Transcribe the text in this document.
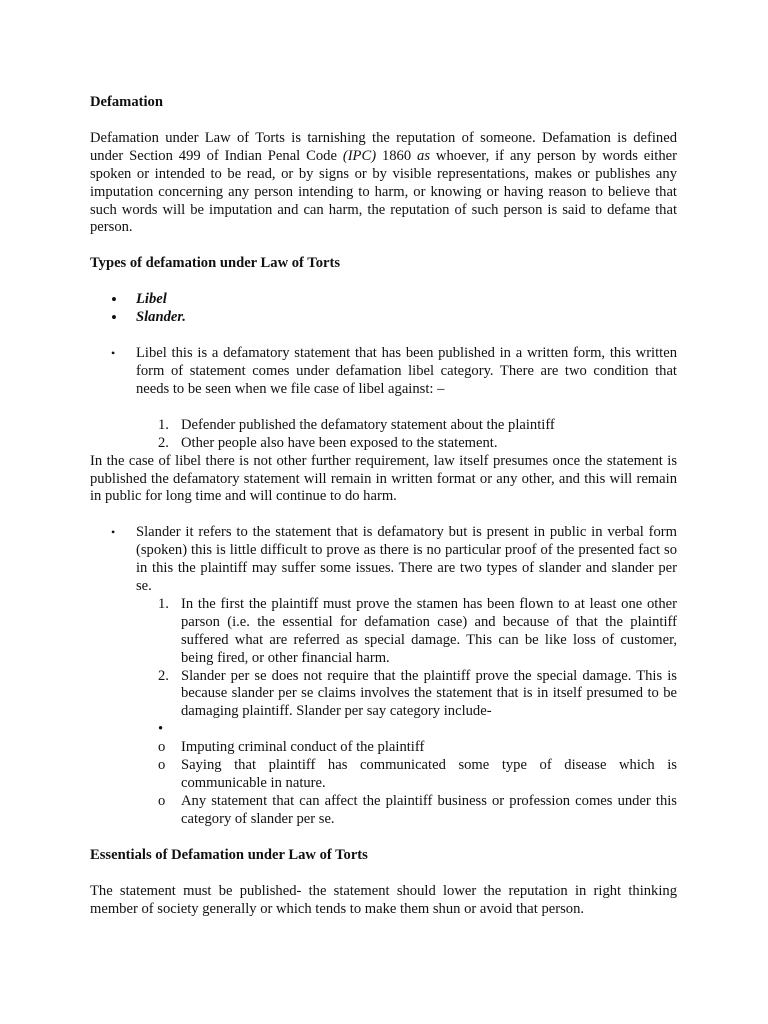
Defamation

Defamation under Law of Torts is tarnishing the reputation of someone. Defamation is defined under Section 499 of Indian Penal Code (IPC) 1860 as whoever, if any person by words either spoken or intended to be read, or by signs or by visible representations, makes or publishes any imputation concerning any person intending to harm, or knowing or having reason to believe that such words will be imputation and can harm, the reputation of such person is said to defame that person.

Types of defamation under Law of Torts
• Libel
• Slander.
• Libel this is a defamatory statement that has been published in a written form, this written form of statement comes under defamation libel category. There are two condition that needs to be seen when we file case of libel against: –
1. Defender published the defamatory statement about the plaintiff
2. Other people also have been exposed to the statement.

In the case of libel there is not other further requirement, law itself presumes once the statement is published the defamatory statement will remain in written format or any other, and this will remain in public for long time and will continue to do harm.

• Slander it refers to the statement that is defamatory but is present in public in verbal form (spoken) this is little difficult to prove as there is no particular proof of the presented fact so in this the plaintiff may suffer some issues. There are two types of slander and slander per se.
1. In the first the plaintiff must prove the stamen has been flown to at least one other parson (i.e. the essential for defamation case) and because of that the plaintiff suffered what are referred as special damage. This can be like loss of customer, being fired, or other financial harm.
2. Slander per se does not require that the plaintiff prove the special damage. This is because slander per se claims involves the statement that is in itself presumed to be damaging plaintiff. Slander per say category include-
•

o Imputing criminal conduct of the plaintiff
o Saying that plaintiff has communicated some type of disease which is communicable in nature.
o Any statement that can affect the plaintiff business or profession comes under this category of slander per se.
Essentials of Defamation under Law of Torts

The statement must be published- the statement should lower the reputation in right thinking member of society generally or which tends to make them shun or avoid that person.
